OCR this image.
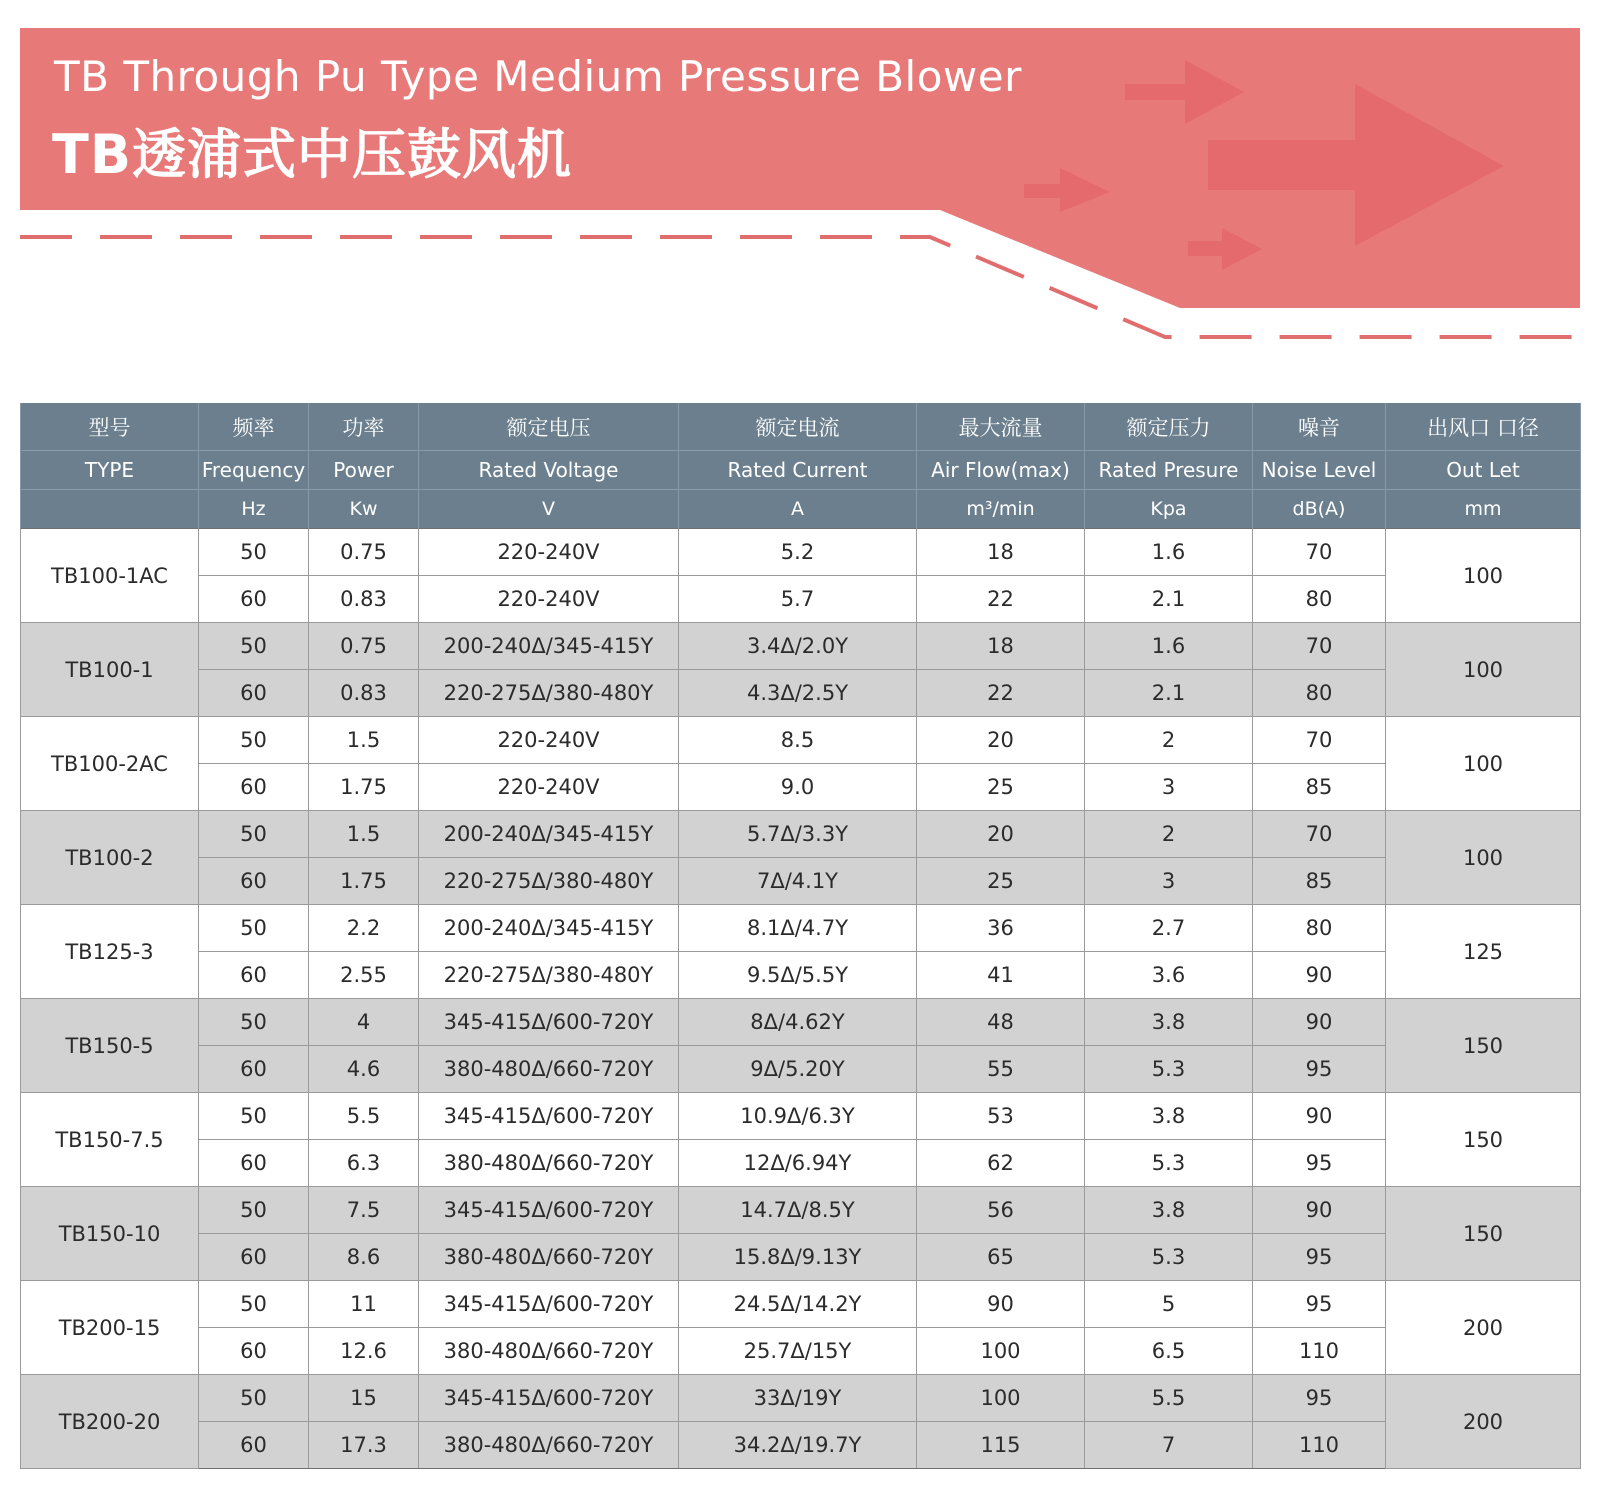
TB Through Pu Type Medium Pressure Blower
TB透浦式中压鼓风机
型号	频率	功率	额定电压	额定电流	最大流量	额定压力	噪音	出风口 口径
TYPE	Frequency	Power	Rated Voltage	Rated Current	Air Flow(max)	Rated Presure	Noise Level	Out Let
	Hz	Kw	V	A	m³/min	Kpa	dB(A)	mm
TB100-1AC	50	0.75	220-240V	5.2	18	1.6	70	100
	60	0.83	220-240V	5.7	22	2.1	80	
TB100-1	50	0.75	200-240Δ/345-415Y	3.4Δ/2.0Y	18	1.6	70	100
	60	0.83	220-275Δ/380-480Y	4.3Δ/2.5Y	22	2.1	80	
TB100-2AC	50	1.5	220-240V	8.5	20	2	70	100
	60	1.75	220-240V	9.0	25	3	85	
TB100-2	50	1.5	200-240Δ/345-415Y	5.7Δ/3.3Y	20	2	70	100
	60	1.75	220-275Δ/380-480Y	7Δ/4.1Y	25	3	85	
TB125-3	50	2.2	200-240Δ/345-415Y	8.1Δ/4.7Y	36	2.7	80	125
	60	2.55	220-275Δ/380-480Y	9.5Δ/5.5Y	41	3.6	90	
TB150-5	50	4	345-415Δ/600-720Y	8Δ/4.62Y	48	3.8	90	150
	60	4.6	380-480Δ/660-720Y	9Δ/5.20Y	55	5.3	95	
TB150-7.5	50	5.5	345-415Δ/600-720Y	10.9Δ/6.3Y	53	3.8	90	150
	60	6.3	380-480Δ/660-720Y	12Δ/6.94Y	62	5.3	95	
TB150-10	50	7.5	345-415Δ/600-720Y	14.7Δ/8.5Y	56	3.8	90	150
	60	8.6	380-480Δ/660-720Y	15.8Δ/9.13Y	65	5.3	95	
TB200-15	50	11	345-415Δ/600-720Y	24.5Δ/14.2Y	90	5	95	200
	60	12.6	380-480Δ/660-720Y	25.7Δ/15Y	100	6.5	110	
TB200-20	50	15	345-415Δ/600-720Y	33Δ/19Y	100	5.5	95	200
	60	17.3	380-480Δ/660-720Y	34.2Δ/19.7Y	115	7	110	
